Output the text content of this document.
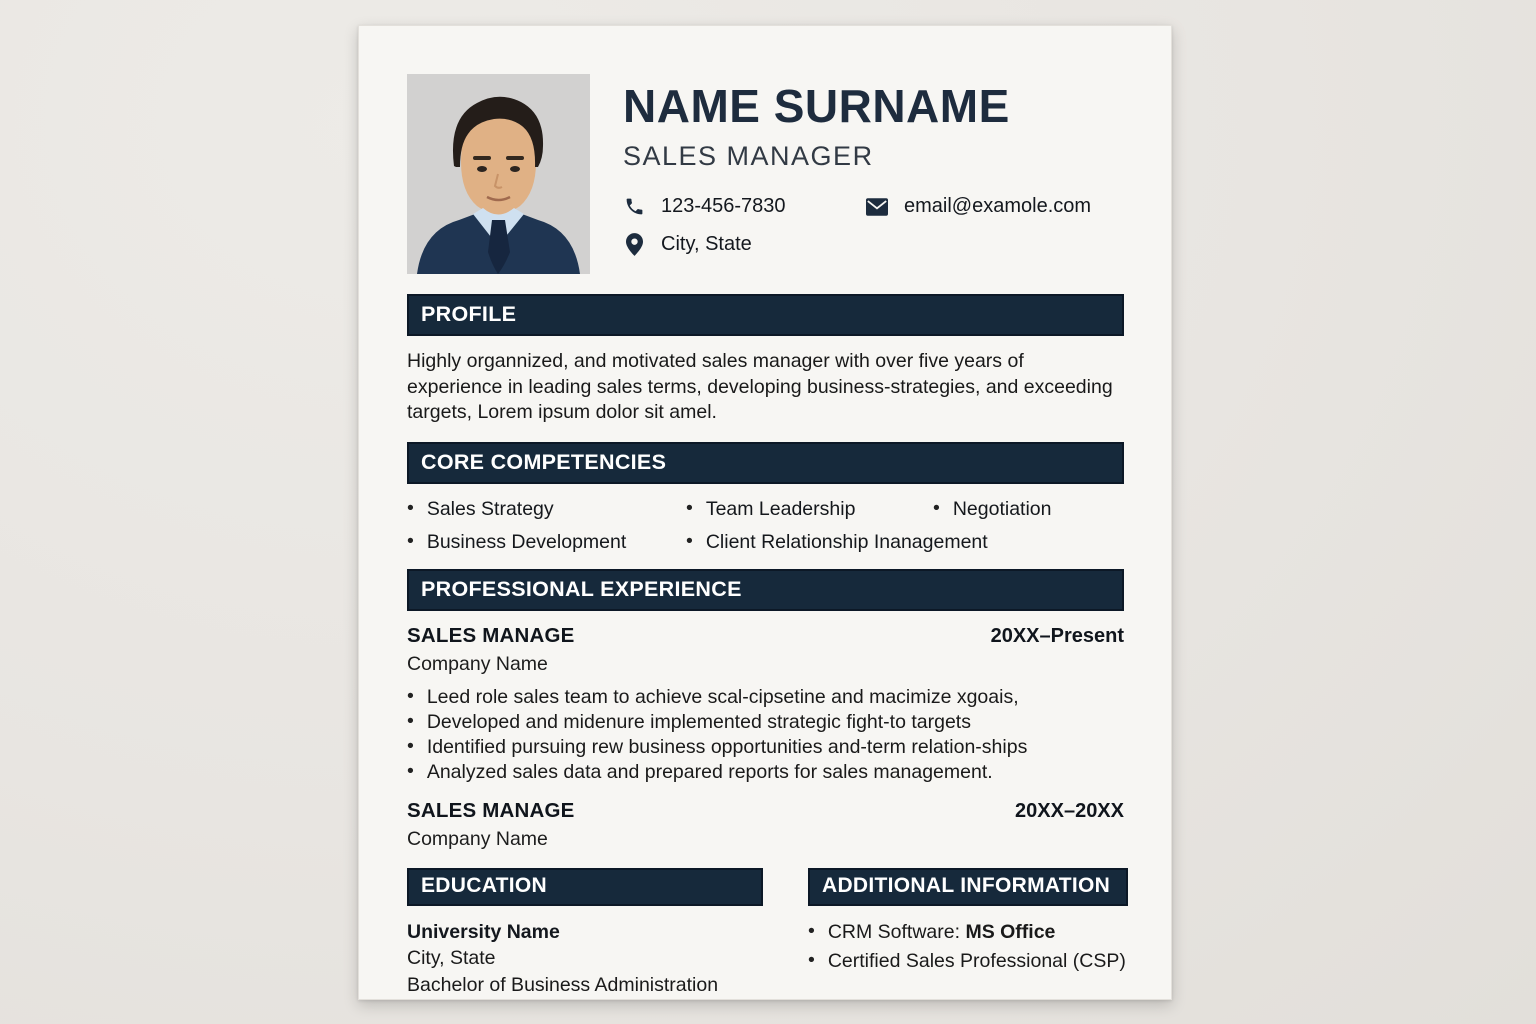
NAME SURNAME
SALES MANAGER
123-456-7830	email@examole.com
City, State
PROFILE
Highly organnized, and motivated sales manager with over five years of experience in leading sales terms, developing business-strategies, and exceeding targets, Lorem ipsum dolor sit amel.
CORE COMPETENCIES
• Sales Strategy	• Team Leadership	• Negotiation
• Business Development	• Client Relationship Inanagement
PROFESSIONAL EXPERIENCE
SALES MANAGE	20XX–Present
Company Name
• Leed role sales team to achieve scal-cipsetine and macimize xgoais,
• Developed and midenure implemented strategic fight-to targets
• Identified pursuing rew business opportunities and-term relation-ships
• Analyzed sales data and prepared reports for sales management.
SALES MANAGE	20XX–20XX
Company Name
EDUCATION
University Name
City, State
Bachelor of Business Administration
ADDITIONAL INFORMATION
• CRM Software: MS Office
• Certified Sales Professional (CSP)
